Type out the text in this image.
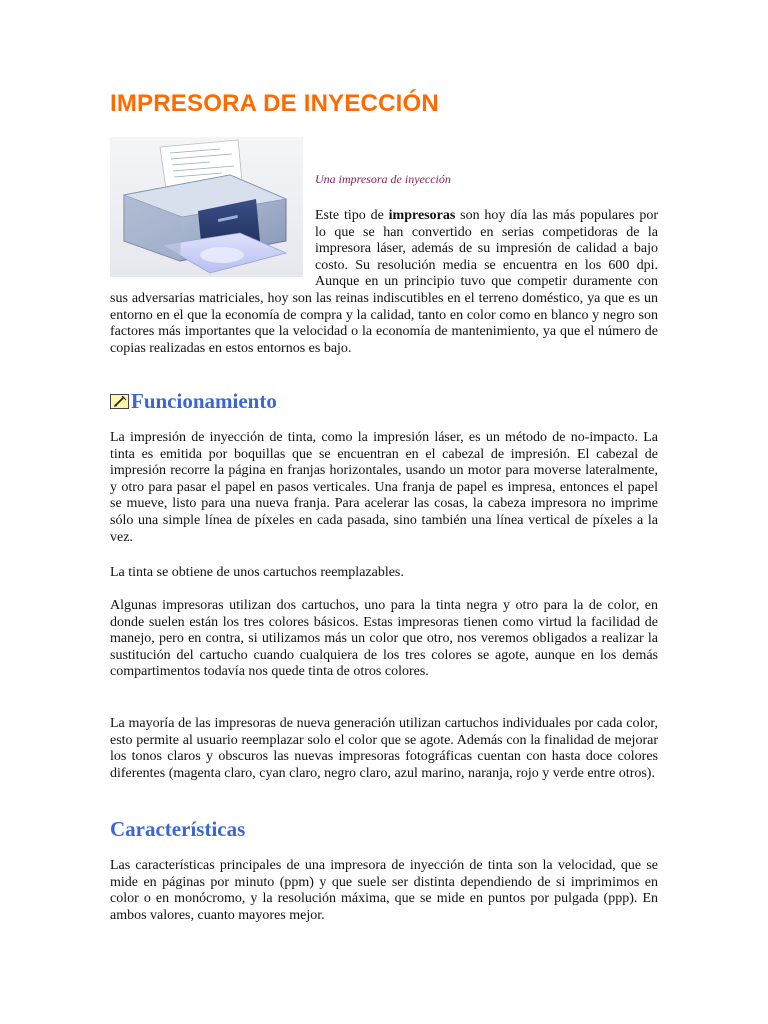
IMPRESORA DE INYECCIÓN
Una impresora de inyección

Este tipo de impresoras son hoy día las más populares por lo que se han convertido en serias competidoras de la impresora láser, además de su impresión de calidad a bajo costo. Su resolución media se encuentra en los 600 dpi. Aunque en un principio tuvo que competir duramente con sus adversarias matriciales, hoy son las reinas indiscutibles en el terreno doméstico, ya que es un entorno en el que la economía de compra y la calidad, tanto en color como en blanco y negro son factores más importantes que la velocidad o la economía de mantenimiento, ya que el número de copias realizadas en estos entornos es bajo.

Funcionamiento

La impresión de inyección de tinta, como la impresión láser, es un método de no-impacto. La tinta es emitida por boquillas que se encuentran en el cabezal de impresión. El cabezal de impresión recorre la página en franjas horizontales, usando un motor para moverse lateralmente, y otro para pasar el papel en pasos verticales. Una franja de papel es impresa, entonces el papel se mueve, listo para una nueva franja. Para acelerar las cosas, la cabeza impresora no imprime sólo una simple línea de píxeles en cada pasada, sino también una línea vertical de píxeles a la vez.

La tinta se obtiene de unos cartuchos reemplazables.

Algunas impresoras utilizan dos cartuchos, uno para la tinta negra y otro para la de color, en donde suelen están los tres colores básicos. Estas impresoras tienen como virtud la facilidad de manejo, pero en contra, si utilizamos más un color que otro, nos veremos obligados a realizar la sustitución del cartucho cuando cualquiera de los tres colores se agote, aunque en los demás compartimentos todavía nos quede tinta de otros colores.

La mayoría de las impresoras de nueva generación utilizan cartuchos individuales por cada color, esto permite al usuario reemplazar solo el color que se agote. Además con la finalidad de mejorar los tonos claros y obscuros las nuevas impresoras fotográficas cuentan con hasta doce colores diferentes (magenta claro, cyan claro, negro claro, azul marino, naranja, rojo y verde entre otros).

Características

Las características principales de una impresora de inyección de tinta son la velocidad, que se mide en páginas por minuto (ppm) y que suele ser distinta dependiendo de si imprimimos en color o en monócromo, y la resolución máxima, que se mide en puntos por pulgada (ppp). En ambos valores, cuanto mayores mejor.
